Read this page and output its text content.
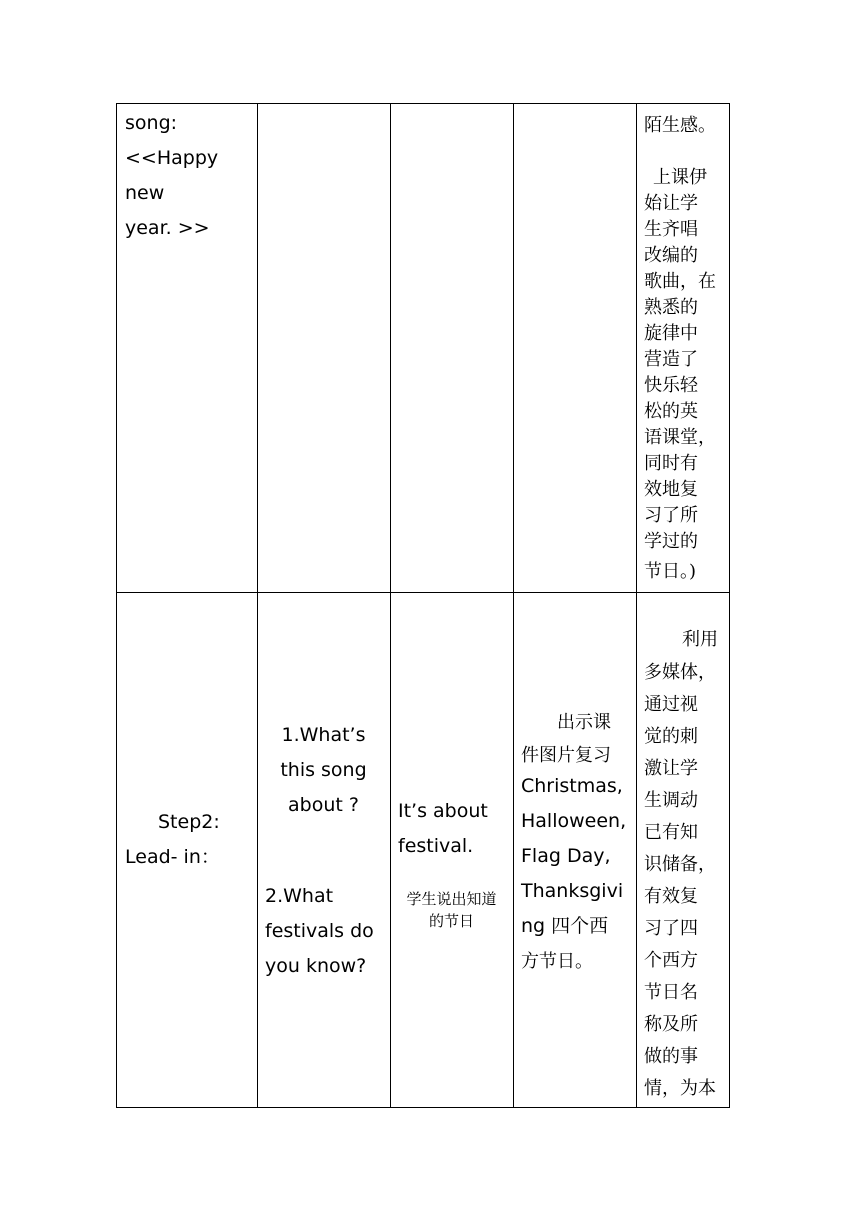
song:
<<Happy
new
year. >>
陌生感。
上课伊
始让学
生齐唱
改编的
歌曲，在
熟悉的
旋律中
营造了
快乐轻
松的英
语课堂，
同时有
效地复
习了所
学过的
节日。)
Step2:
Lead- in：
1.What’s
this song
about ?
2.What
festivals do
you know?
It’s about
festival.
学生说出知道
的节日
出示课
件图片复习
Christmas,
Halloween,
Flag Day,
Thanksgivi
ng 四个西
方节日。
利用
多媒体，
通过视
觉的刺
激让学
生调动
已有知
识储备，
有效复
习了四
个西方
节日名
称及所
做的事
情，为本
